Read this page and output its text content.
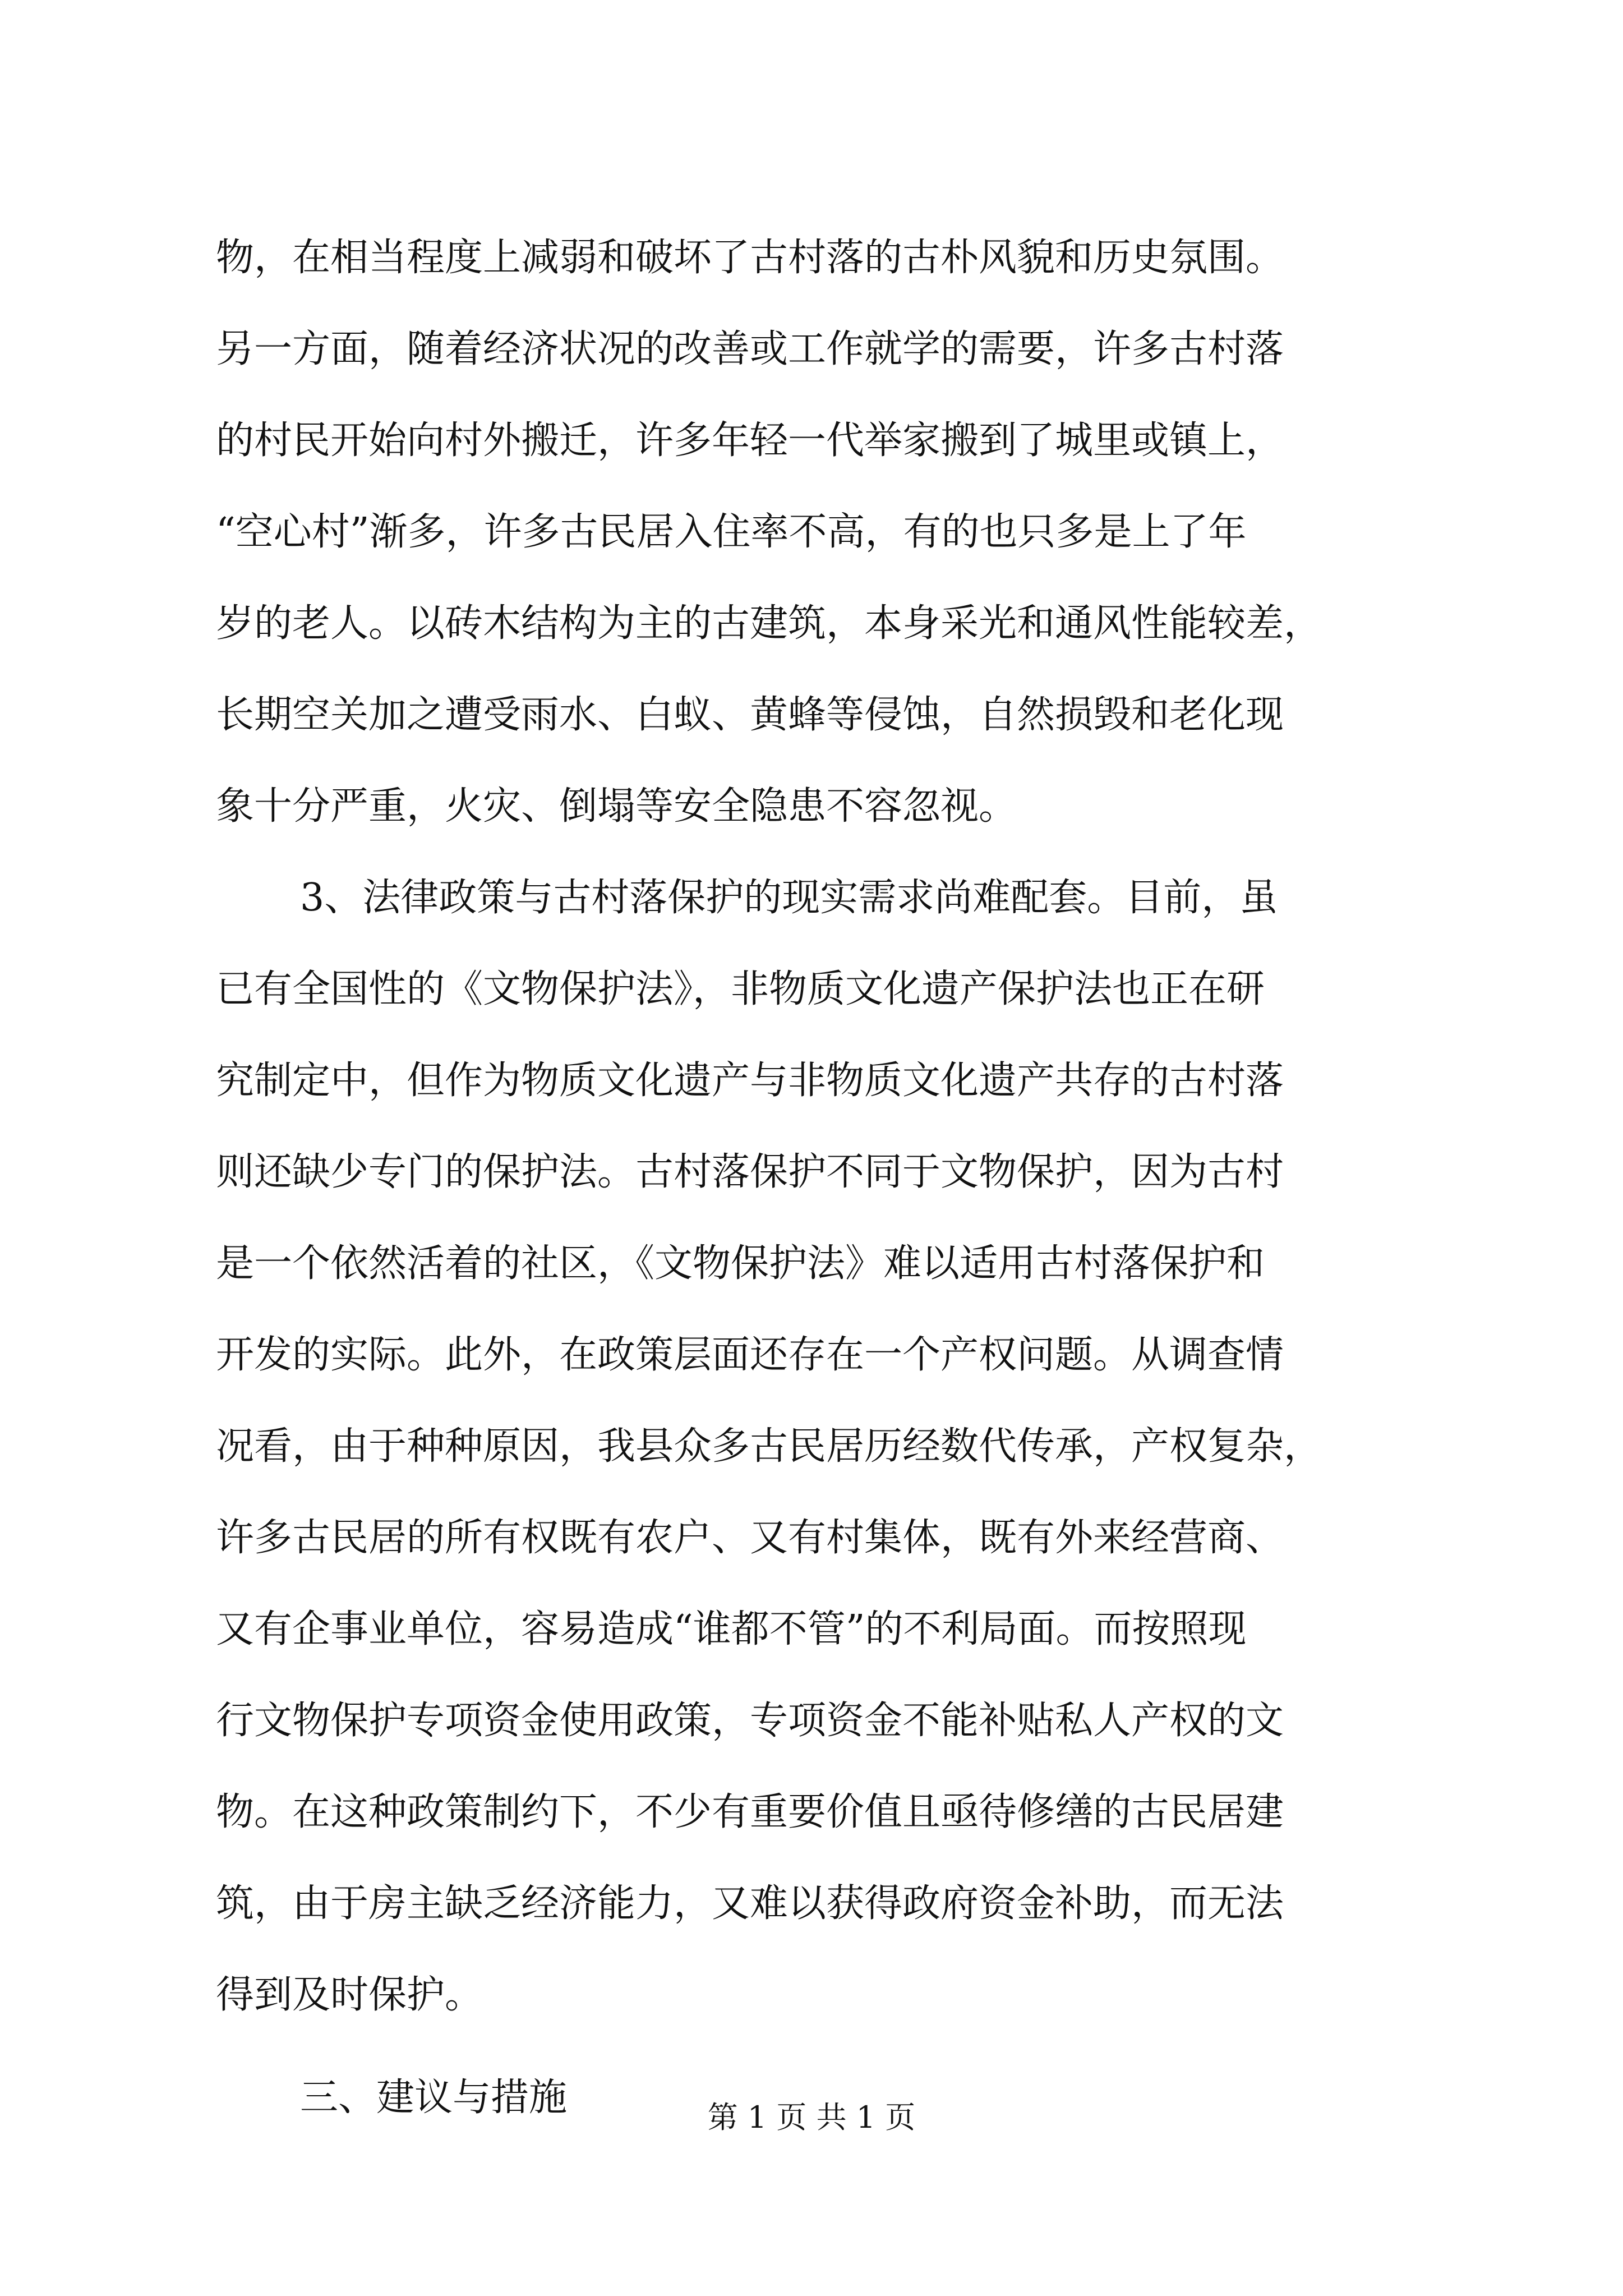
物，在相当程度上减弱和破坏了古村落的古朴风貌和历史氛围。
另一方面，随着经济状况的改善或工作就学的需要，许多古村落
的村民开始向村外搬迁，许多年轻一代举家搬到了城里或镇上，
“空心村”渐多，许多古民居入住率不高，有的也只多是上了年
岁的老人。以砖木结构为主的古建筑，本身采光和通风性能较差，
长期空关加之遭受雨水、白蚁、黄蜂等侵蚀，自然损毁和老化现
象十分严重，火灾、倒塌等安全隐患不容忽视。
3、法律政策与古村落保护的现实需求尚难配套。目前，虽
已有全国性的《文物保护法》，非物质文化遗产保护法也正在研
究制定中，但作为物质文化遗产与非物质文化遗产共存的古村落
则还缺少专门的保护法。古村落保护不同于文物保护，因为古村
是一个依然活着的社区，《文物保护法》难以适用古村落保护和
开发的实际。此外，在政策层面还存在一个产权问题。从调查情
况看，由于种种原因，我县众多古民居历经数代传承，产权复杂，
许多古民居的所有权既有农户、又有村集体，既有外来经营商、
又有企事业单位，容易造成“谁都不管”的不利局面。而按照现
行文物保护专项资金使用政策，专项资金不能补贴私人产权的文
物。在这种政策制约下，不少有重要价值且亟待修缮的古民居建
筑，由于房主缺乏经济能力，又难以获得政府资金补助，而无法
得到及时保护。
三、建议与措施	第 1 页 共 1 页
